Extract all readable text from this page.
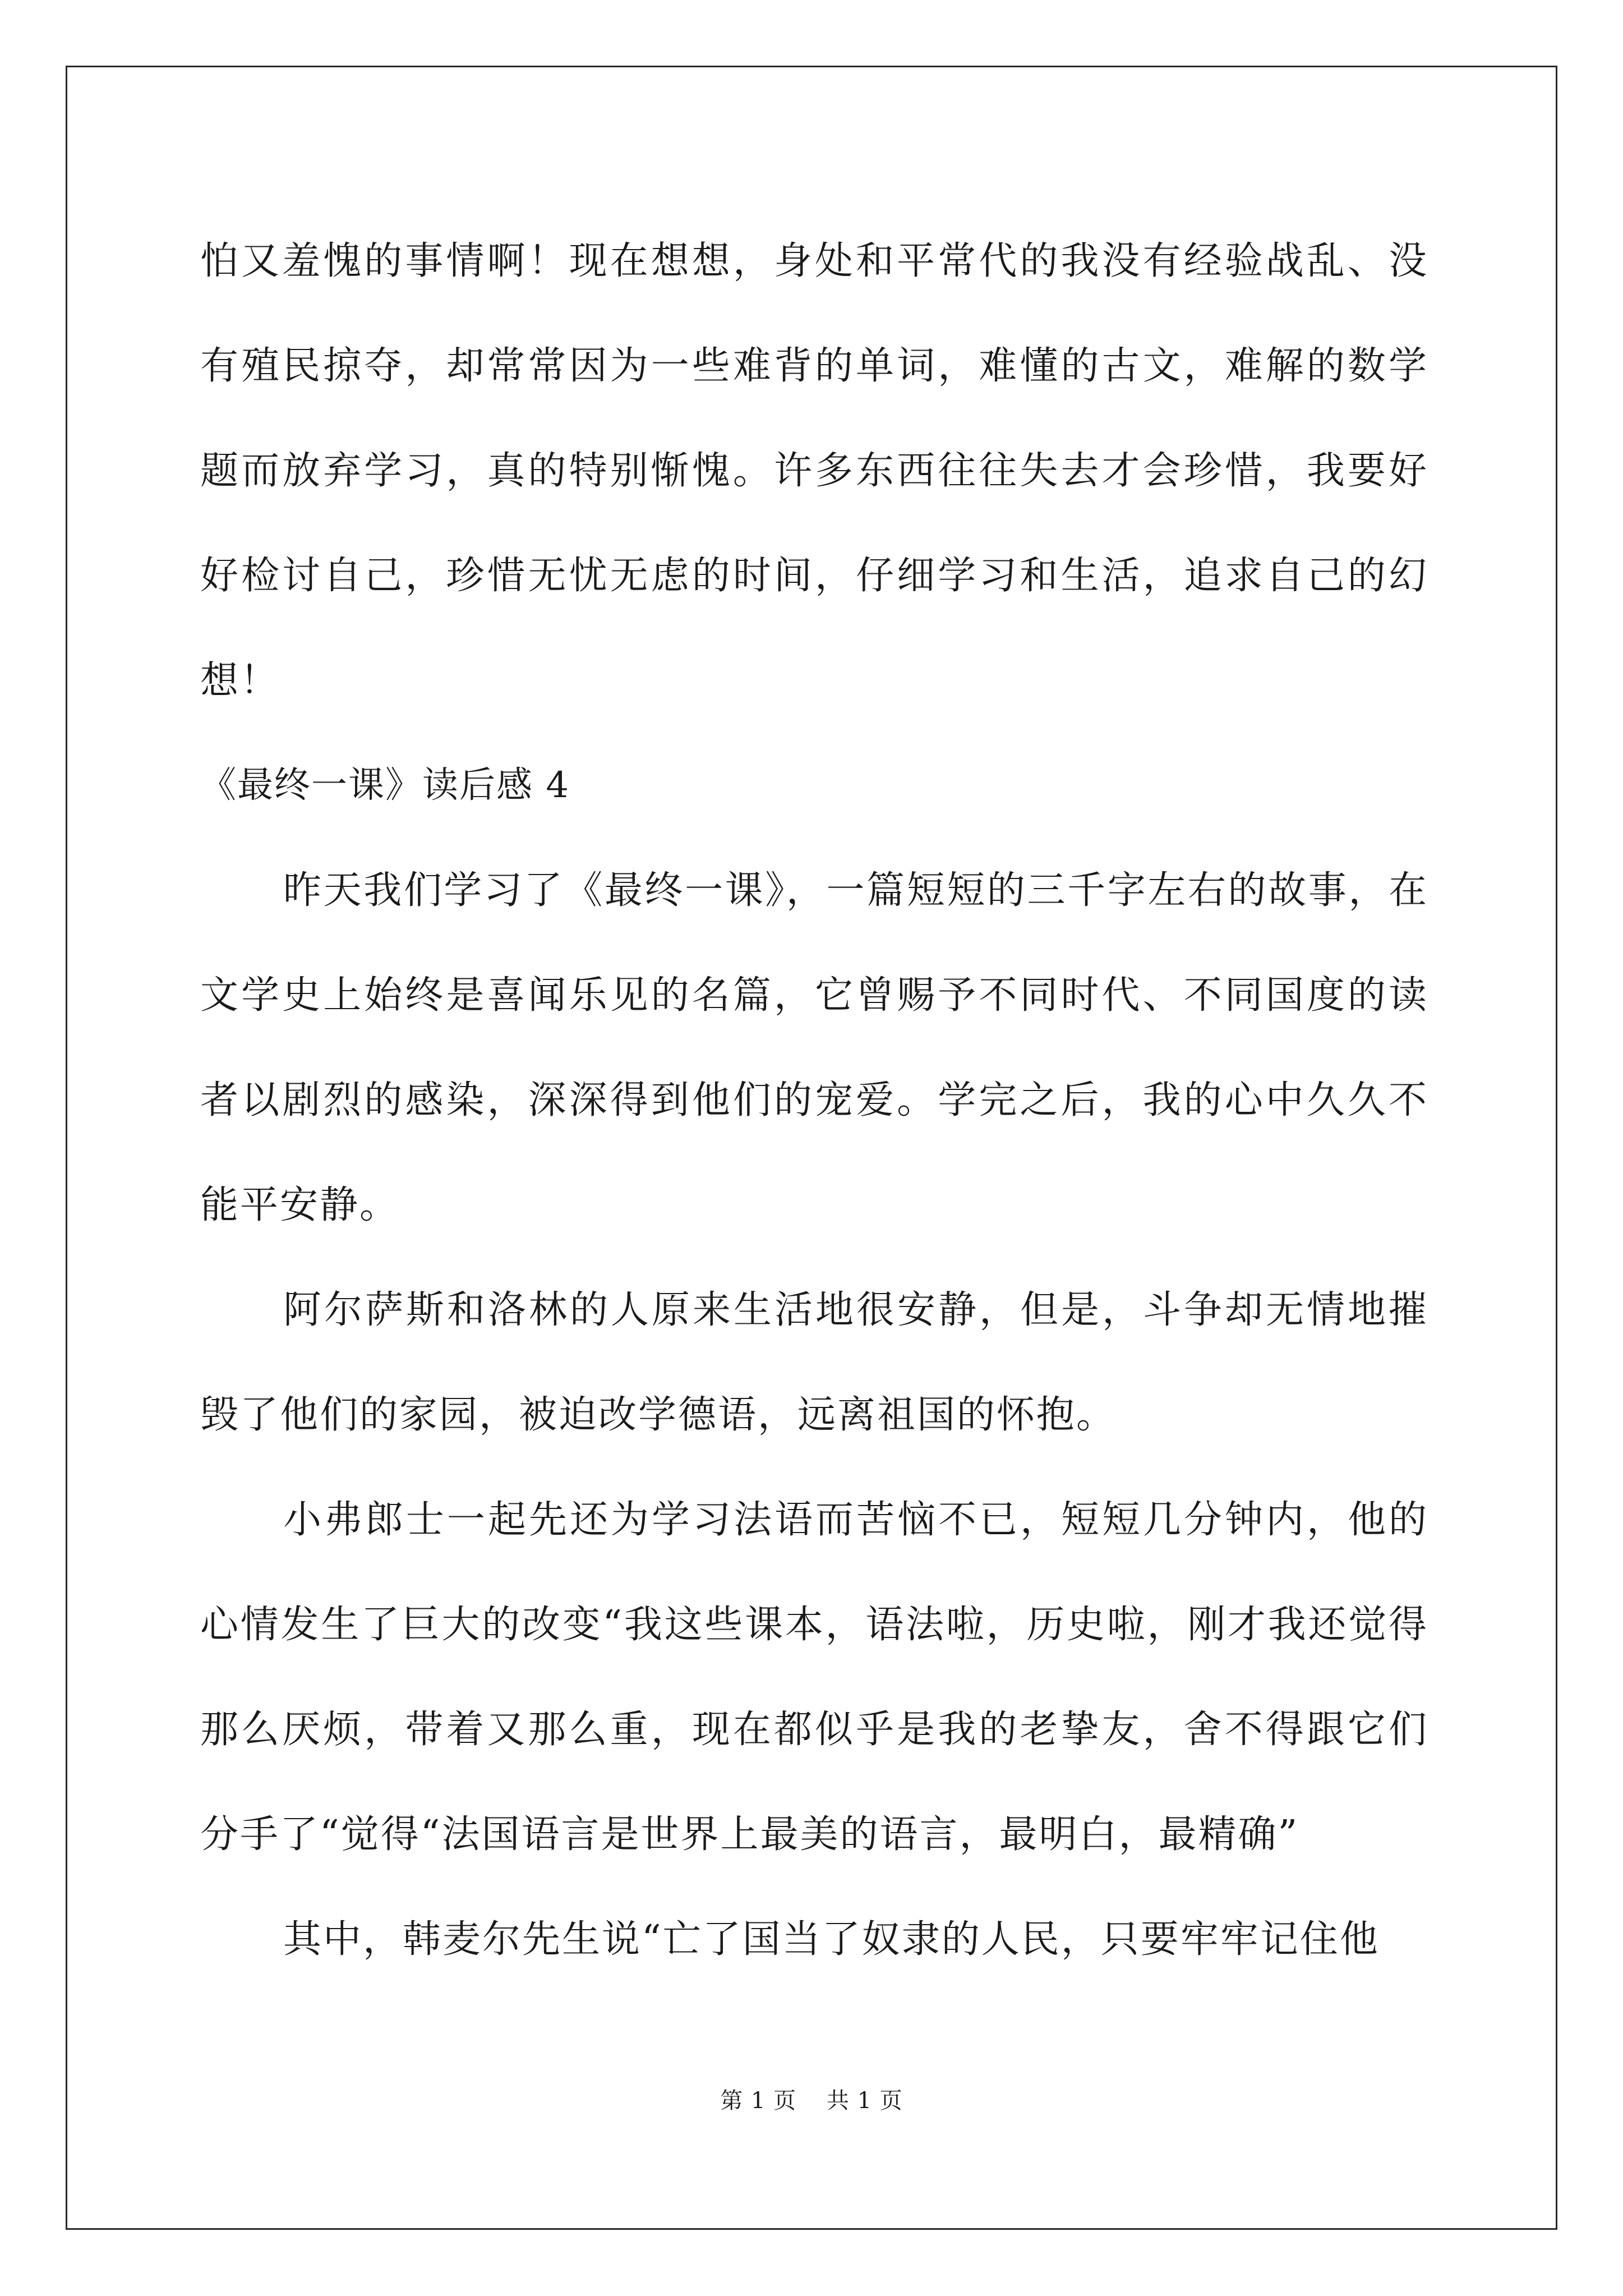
怕又羞愧的事情啊！现在想想，身处和平常代的我没有经验战乱、没有殖民掠夺，却常常因为一些难背的单词，难懂的古文，难解的数学题而放弃学习，真的特别惭愧。许多东西往往失去才会珍惜，我要好好检讨自己，珍惜无忧无虑的时间，仔细学习和生活，追求自己的幻想！

《最终一课》读后感 4

昨天我们学习了《最终一课》，一篇短短的三千字左右的故事，在文学史上始终是喜闻乐见的名篇，它曾赐予不同时代、不同国度的读者以剧烈的感染，深深得到他们的宠爱。学完之后，我的心中久久不能平安静。

阿尔萨斯和洛林的人原来生活地很安静，但是，斗争却无情地摧毁了他们的家园，被迫改学德语，远离祖国的怀抱。

小弗郎士一起先还为学习法语而苦恼不已，短短几分钟内，他的心情发生了巨大的改变“我这些课本，语法啦，历史啦，刚才我还觉得那么厌烦，带着又那么重，现在都似乎是我的老挚友，舍不得跟它们分手了“觉得“法国语言是世界上最美的语言，最明白，最精确”

其中，韩麦尔先生说“亡了国当了奴隶的人民，只要牢牢记住他

第 1 页 共 1 页
